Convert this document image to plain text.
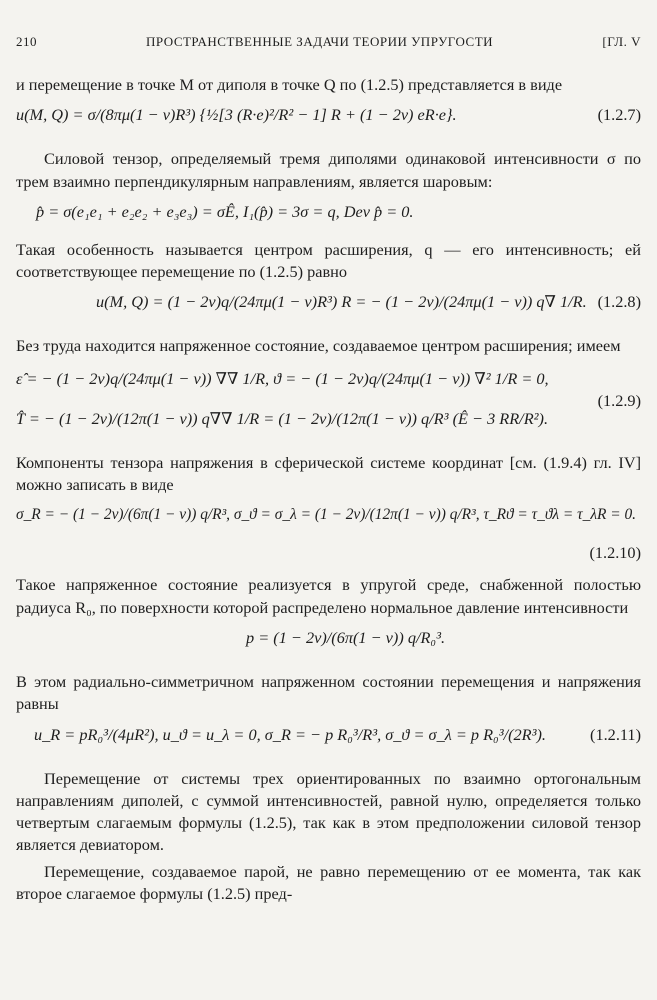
210	ПРОСТРАНСТВЕННЫЕ ЗАДАЧИ ТЕОРИИ УПРУГОСТИ	[ГЛ. V

и перемещение в точке M от диполя в точке Q по (1.2.5) представляется в виде

u(M, Q) = σ/(8πμ(1 − ν)R³) {½[3 (R·e)²/R² − 1] R + (1 − 2ν) eR·e}.	(1.2.7)

Силовой тензор, определяемый тремя диполями одинаковой интенсивности σ по трем взаимно перпендикулярным направлениям, является шаровым:

p̂ = σ(e₁e₁ + e₂e₂ + e₃e₃) = σÊ, I₁(p̂) = 3σ = q, Dev p̂ = 0.

Такая особенность называется центром расширения, q — его интенсивность; ей соответствующее перемещение по (1.2.5) равно

u(M, Q) = (1 − 2ν)q/(24πμ(1 − ν)R³) R = − (1 − 2ν)/(24πμ(1 − ν)) q∇ 1/R. (1.2.8)

Без труда находится напряженное состояние, создаваемое центром расширения; имеем

ε̂ = − (1 − 2ν)q/(24πμ(1 − ν)) ∇∇ 1/R, ϑ = − (1 − 2ν)q/(24πμ(1 − ν)) ∇² 1/R = 0,
T̂ = − (1 − 2ν)/(12π(1 − ν)) q∇∇ 1/R = (1 − 2ν)/(12π(1 − ν)) q/R³ (Ê − 3 RR/R²).
(1.2.9)

Компоненты тензора напряжения в сферической системе координат [см. (1.9.4) гл. IV] можно записать в виде

σ_R = − (1 − 2ν)/(6π(1 − ν)) q/R³, σ_ϑ = σ_λ = (1 − 2ν)/(12π(1 − ν)) q/R³, τ_Rϑ = τ_ϑλ = τ_λR = 0.
(1.2.10)

Такое напряженное состояние реализуется в упругой среде, снабженной полостью радиуса R₀, по поверхности которой распределено нормальное давление интенсивности

p = (1 − 2ν)/(6π(1 − ν)) q/R₀³.

В этом радиально-симметричном напряженном состоянии перемещения и напряжения равны

u_R = pR₀³/(4μR²), u_ϑ = u_λ = 0, σ_R = − p R₀³/R³, σ_ϑ = σ_λ = p R₀³/(2R³).	(1.2.11)

Перемещение от системы трех ориентированных по взаимно ортогональным направлениям диполей, с суммой интенсивностей, равной нулю, определяется только четвертым слагаемым формулы (1.2.5), так как в этом предположении силовой тензор является девиатором.

Перемещение, создаваемое парой, не равно перемещению от ее момента, так как второе слагаемое формулы (1.2.5) пред-
